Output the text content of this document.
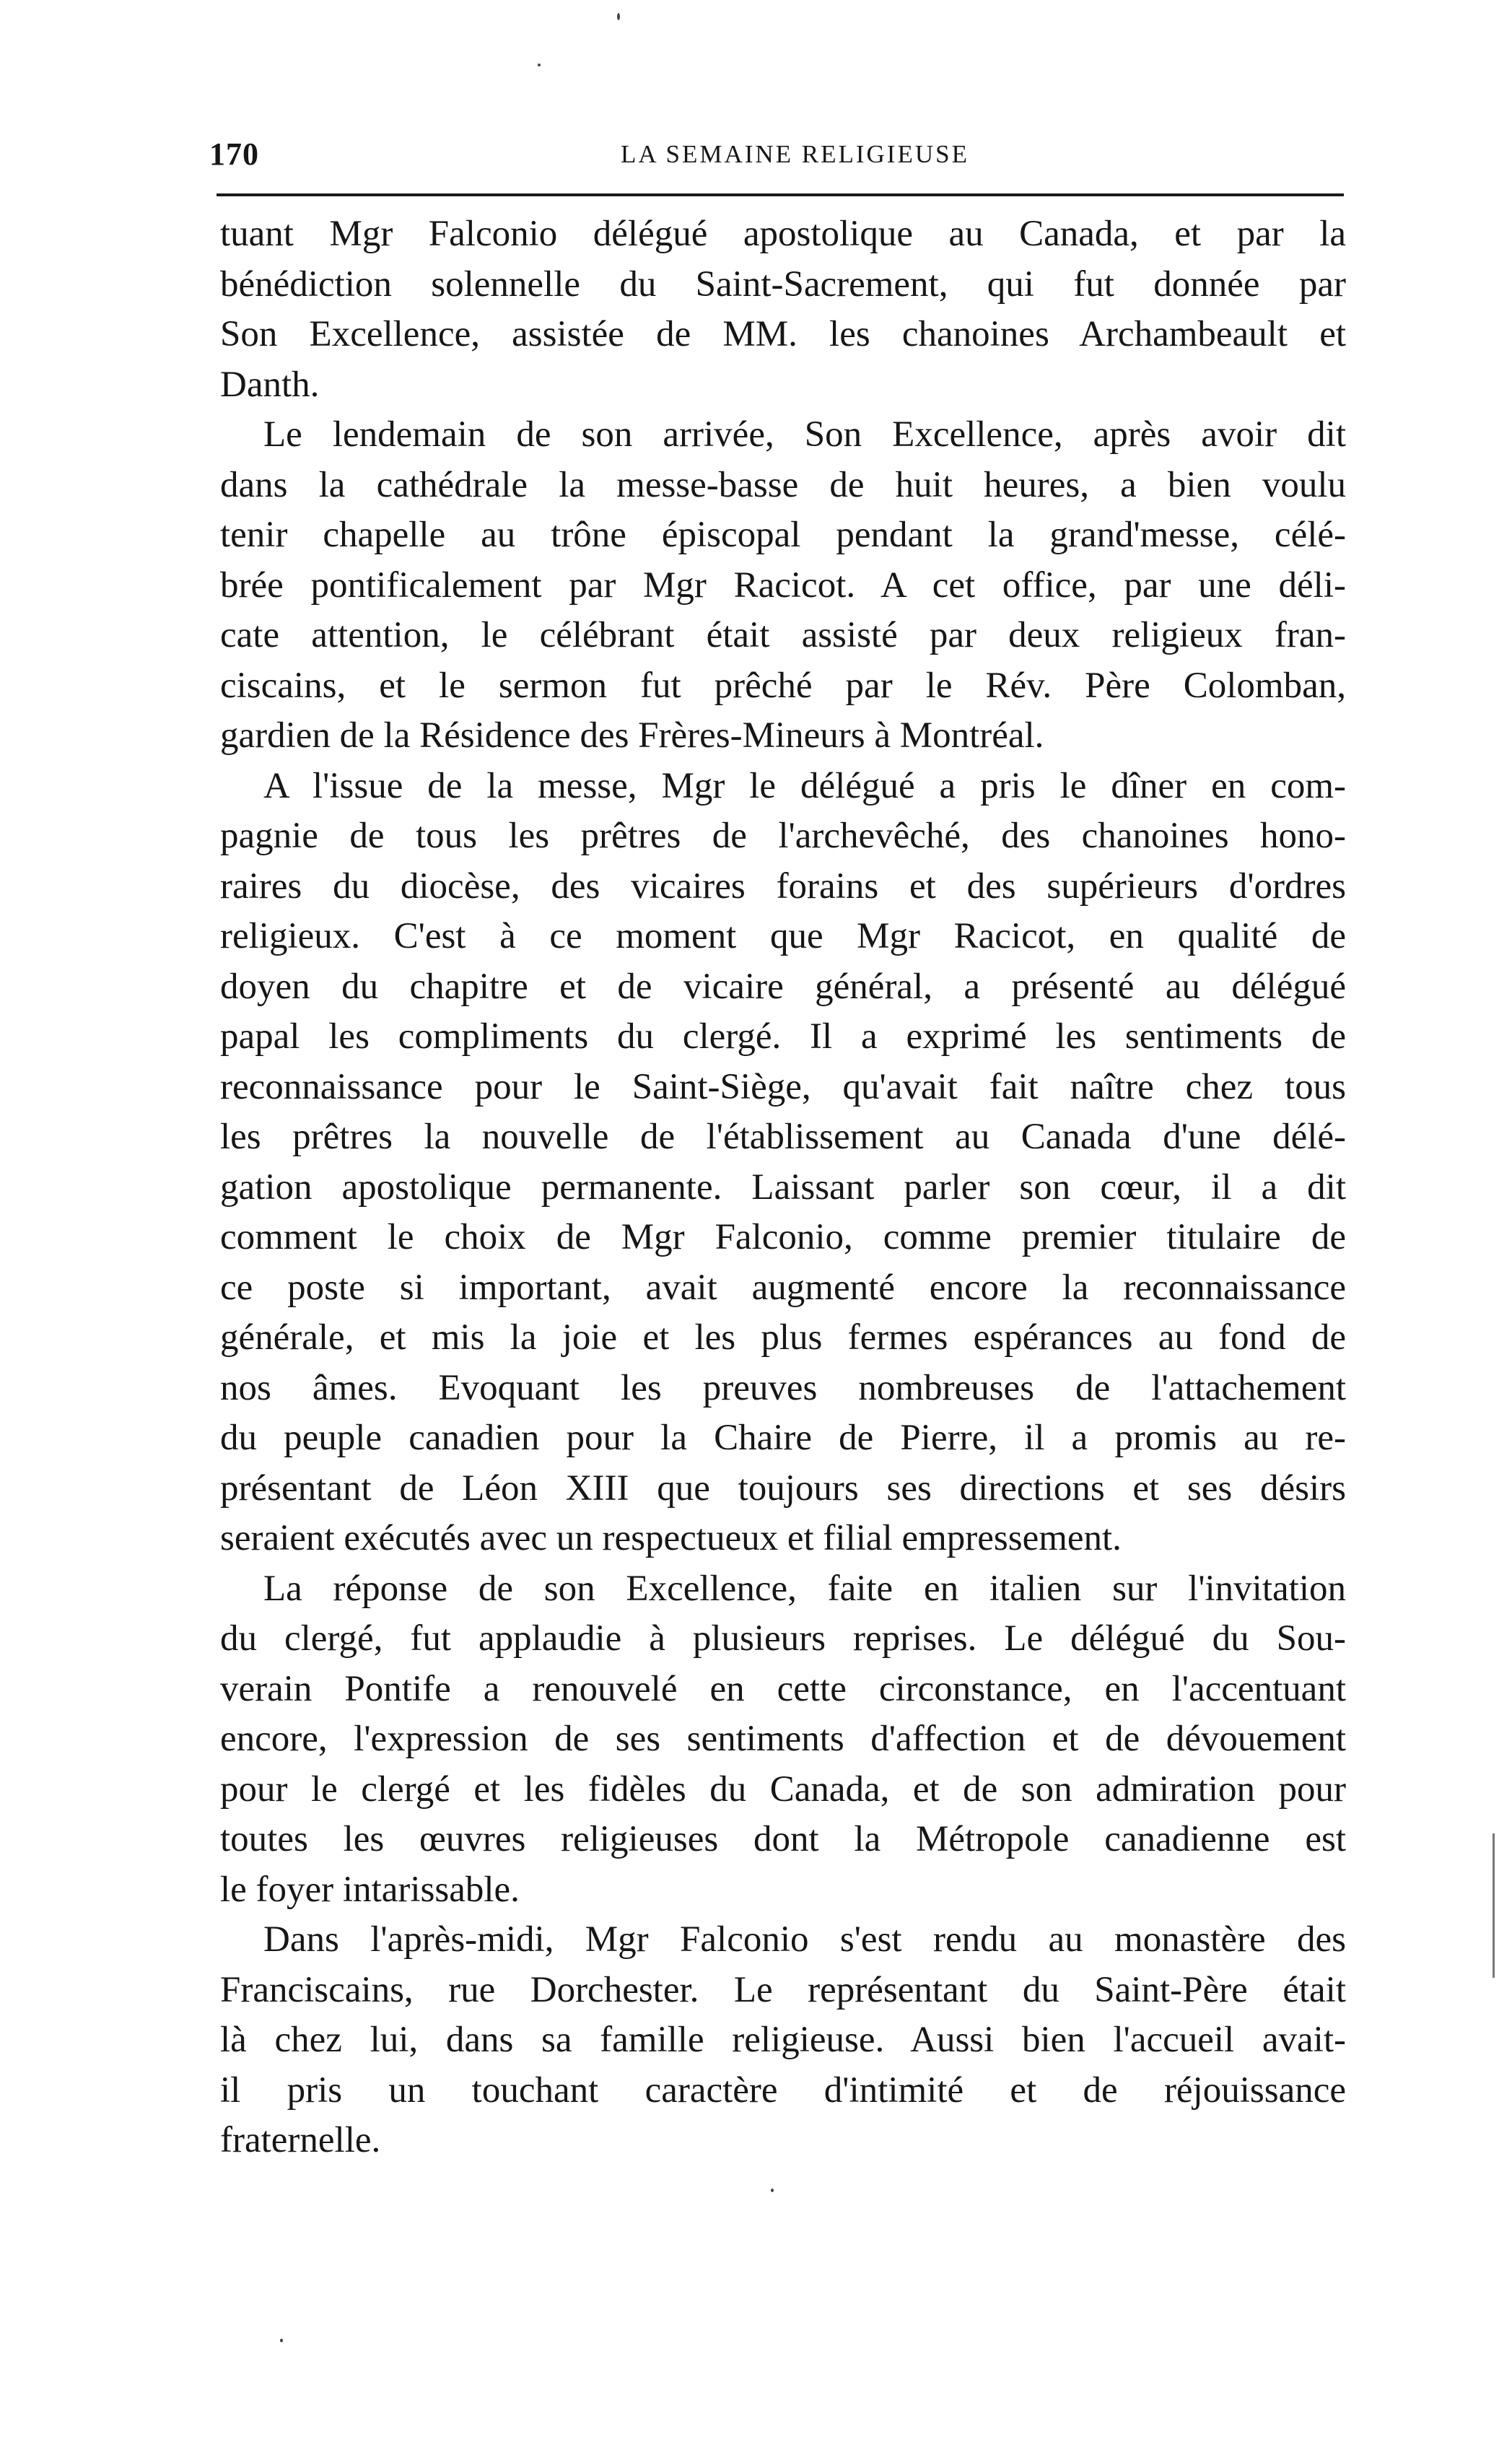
170	LA SEMAINE RELIGIEUSE
tuant Mgr Falconio délégué apostolique au Canada, et par la
bénédiction solennelle du Saint-Sacrement, qui fut donnée par
Son Excellence, assistée de MM. les chanoines Archambeault et
Danth.
Le lendemain de son arrivée, Son Excellence, après avoir dit
dans la cathédrale la messe-basse de huit heures, a bien voulu
tenir chapelle au trône épiscopal pendant la grand'messe, célé-
brée pontificalement par Mgr Racicot. A cet office, par une déli-
cate attention, le célébrant était assisté par deux religieux fran-
ciscains, et le sermon fut prêché par le Rév. Père Colomban,
gardien de la Résidence des Frères-Mineurs à Montréal.
A l'issue de la messe, Mgr le délégué a pris le dîner en com-
pagnie de tous les prêtres de l'archevêché, des chanoines hono-
raires du diocèse, des vicaires forains et des supérieurs d'ordres
religieux. C'est à ce moment que Mgr Racicot, en qualité de
doyen du chapitre et de vicaire général, a présenté au délégué
papal les compliments du clergé. Il a exprimé les sentiments de
reconnaissance pour le Saint-Siège, qu'avait fait naître chez tous
les prêtres la nouvelle de l'établissement au Canada d'une délé-
gation apostolique permanente. Laissant parler son cœur, il a dit
comment le choix de Mgr Falconio, comme premier titulaire de
ce poste si important, avait augmenté encore la reconnaissance
générale, et mis la joie et les plus fermes espérances au fond de
nos âmes. Evoquant les preuves nombreuses de l'attachement
du peuple canadien pour la Chaire de Pierre, il a promis au re-
présentant de Léon XIII que toujours ses directions et ses désirs
seraient exécutés avec un respectueux et filial empressement.
La réponse de son Excellence, faite en italien sur l'invitation
du clergé, fut applaudie à plusieurs reprises. Le délégué du Sou-
verain Pontife a renouvelé en cette circonstance, en l'accentuant
encore, l'expression de ses sentiments d'affection et de dévouement
pour le clergé et les fidèles du Canada, et de son admiration pour
toutes les œuvres religieuses dont la Métropole canadienne est
le foyer intarissable.
Dans l'après-midi, Mgr Falconio s'est rendu au monastère des
Franciscains, rue Dorchester. Le représentant du Saint-Père était
là chez lui, dans sa famille religieuse. Aussi bien l'accueil avait-
il pris un touchant caractère d'intimité et de réjouissance
fraternelle.
